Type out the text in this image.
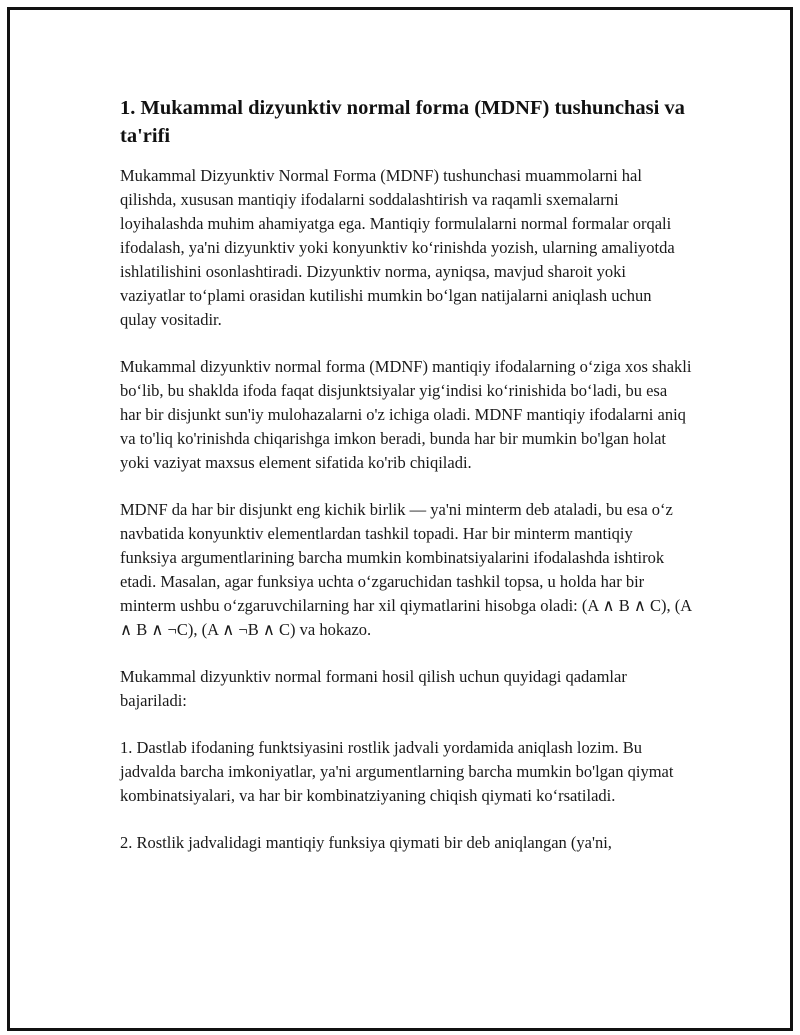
1. Mukammal dizyunktiv normal forma (MDNF) tushunchasi va ta'rifi

Mukammal Dizyunktiv Normal Forma (MDNF) tushunchasi muammolarni hal qilishda, xususan mantiqiy ifodalarni soddalashtirish va raqamli sxemalarni loyihalashda muhim ahamiyatga ega. Mantiqiy formulalarni normal formalar orqali ifodalash, ya'ni dizyunktiv yoki konyunktiv koʻrinishda yozish, ularning amaliyotda ishlatilishini osonlashtiradi. Dizyunktiv norma, ayniqsa, mavjud sharoit yoki vaziyatlar toʻplami orasidan kutilishi mumkin boʻlgan natijalarni aniqlash uchun qulay vositadir.

Mukammal dizyunktiv normal forma (MDNF) mantiqiy ifodalarning oʻziga xos shakli boʻlib, bu shaklda ifoda faqat disjunktsiyalar yigʻindisi koʻrinishida boʻladi, bu esa har bir disjunkt sun'iy mulohazalarni o'z ichiga oladi. MDNF mantiqiy ifodalarni aniq va to'liq ko'rinishda chiqarishga imkon beradi, bunda har bir mumkin bo'lgan holat yoki vaziyat maxsus element sifatida ko'rib chiqiladi.

MDNF da har bir disjunkt eng kichik birlik — ya'ni minterm deb ataladi, bu esa oʻz navbatida konyunktiv elementlardan tashkil topadi. Har bir minterm mantiqiy funksiya argumentlarining barcha mumkin kombinatsiyalarini ifodalashda ishtirok etadi. Masalan, agar funksiya uchta oʻzgaruchidan tashkil topsa, u holda har bir minterm ushbu oʻzgaruvchilarning har xil qiymatlarini hisobga oladi: (A ∧ B ∧ C), (A ∧ B ∧ ¬C), (A ∧ ¬B ∧ C) va hokazo.

Mukammal dizyunktiv normal formani hosil qilish uchun quyidagi qadamlar bajariladi:

1. Dastlab ifodaning funktsiyasini rostlik jadvali yordamida aniqlash lozim. Bu jadvalda barcha imkoniyatlar, ya'ni argumentlarning barcha mumkin bo'lgan qiymat kombinatsiyalari, va har bir kombinatziyaning chiqish qiymati koʻrsatiladi.

2. Rostlik jadvalidagi mantiqiy funksiya qiymati bir deb aniqlangan (ya'ni,
